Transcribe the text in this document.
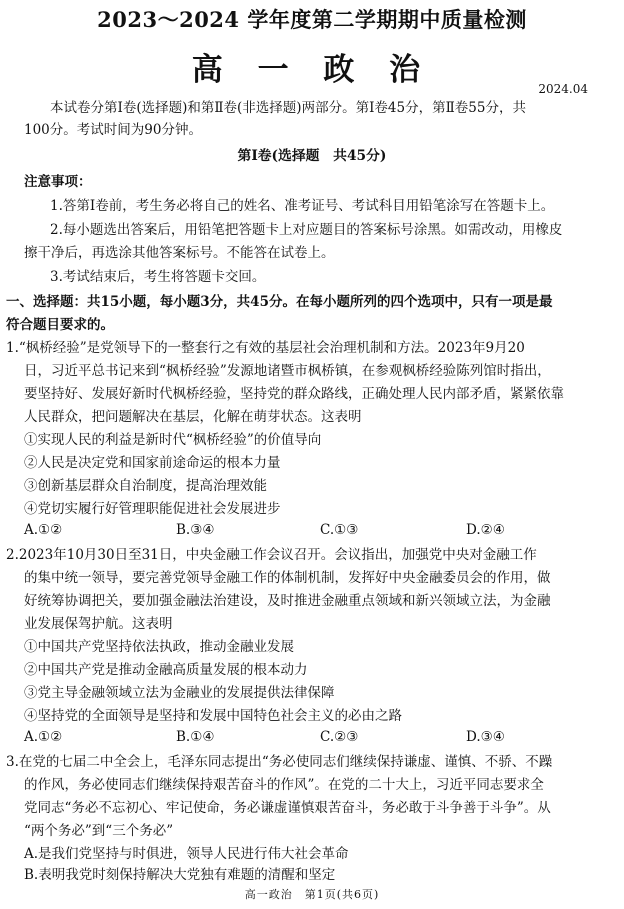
2023～2024 学年度第二学期期中质量检测
高 一 政 治
2024.04
本试卷分第Ⅰ卷(选择题)和第Ⅱ卷(非选择题)两部分。第Ⅰ卷45分，第Ⅱ卷55分，共
100分。考试时间为90分钟。
第Ⅰ卷(选择题　共45分)
注意事项：
1.答第Ⅰ卷前，考生务必将自己的姓名、准考证号、考试科目用铅笔涂写在答题卡上。
2.每小题选出答案后，用铅笔把答题卡上对应题目的答案标号涂黑。如需改动，用橡皮
擦干净后，再选涂其他答案标号。不能答在试卷上。
3.考试结束后，考生将答题卡交回。
一、选择题：共15小题，每小题3分，共45分。在每小题所列的四个选项中，只有一项是最
符合题目要求的。
1.“枫桥经验”是党领导下的一整套行之有效的基层社会治理机制和方法。2023年9月20
日，习近平总书记来到“枫桥经验”发源地诸暨市枫桥镇，在参观枫桥经验陈列馆时指出，
要坚持好、发展好新时代枫桥经验，坚持党的群众路线，正确处理人民内部矛盾，紧紧依靠
人民群众，把问题解决在基层，化解在萌芽状态。这表明
①实现人民的利益是新时代“枫桥经验”的价值导向
②人民是决定党和国家前途命运的根本力量
③创新基层群众自治制度，提高治理效能
④党切实履行好管理职能促进社会发展进步
A.①②	B.③④	C.①③	D.②④
2.2023年10月30日至31日，中央金融工作会议召开。会议指出，加强党中央对金融工作
的集中统一领导，要完善党领导金融工作的体制机制，发挥好中央金融委员会的作用，做
好统筹协调把关，要加强金融法治建设，及时推进金融重点领域和新兴领域立法，为金融
业发展保驾护航。这表明
①中国共产党坚持依法执政，推动金融业发展
②中国共产党是推动金融高质量发展的根本动力
③党主导金融领域立法为金融业的发展提供法律保障
④坚持党的全面领导是坚持和发展中国特色社会主义的必由之路
A.①②	B.①④	C.②③	D.③④
3.在党的七届二中全会上，毛泽东同志提出“务必使同志们继续保持谦虚、谨慎、不骄、不躁
的作风，务必使同志们继续保持艰苦奋斗的作风”。在党的二十大上，习近平同志要求全
党同志“务必不忘初心、牢记使命，务必谦虚谨慎艰苦奋斗，务必敢于斗争善于斗争”。从
“两个务必”到“三个务必”
A.是我们党坚持与时俱进，领导人民进行伟大社会革命
B.表明我党时刻保持解决大党独有难题的清醒和坚定
高一政治　第1页(共6页)
